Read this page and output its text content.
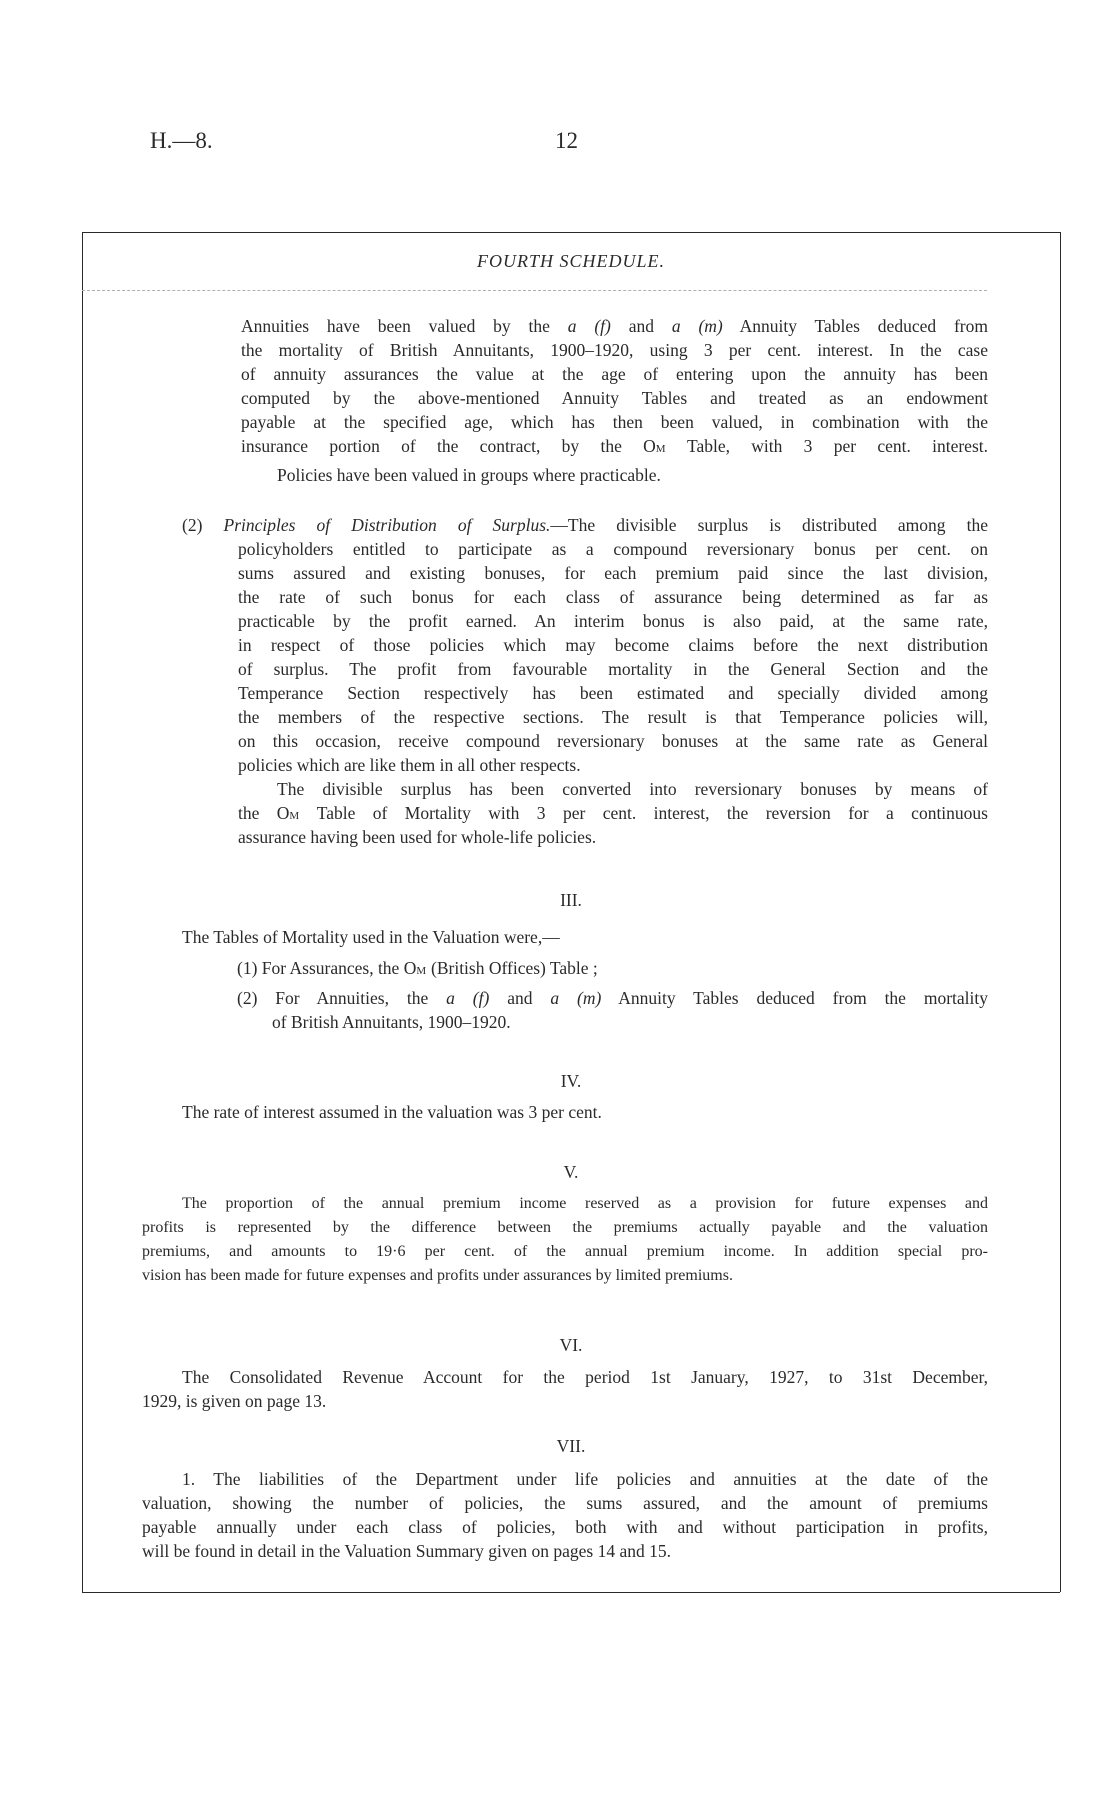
H.—8.	12
FOURTH SCHEDULE.
Annuities have been valued by the a (f) and a (m) Annuity Tables deduced from
the mortality of British Annuitants, 1900–1920, using 3 per cent. interest. In the case
of annuity assurances the value at the age of entering upon the annuity has been
computed by the above-mentioned Annuity Tables and treated as an endowment
payable at the specified age, which has then been valued, in combination with the
insurance portion of the contract, by the OM Table, with 3 per cent. interest.
Policies have been valued in groups where practicable.
(2) Principles of Distribution of Surplus.—The divisible surplus is distributed among the
policyholders entitled to participate as a compound reversionary bonus per cent. on
sums assured and existing bonuses, for each premium paid since the last division,
the rate of such bonus for each class of assurance being determined as far as
practicable by the profit earned. An interim bonus is also paid, at the same rate,
in respect of those policies which may become claims before the next distribution
of surplus. The profit from favourable mortality in the General Section and the
Temperance Section respectively has been estimated and specially divided among
the members of the respective sections. The result is that Temperance policies will,
on this occasion, receive compound reversionary bonuses at the same rate as General
policies which are like them in all other respects.
The divisible surplus has been converted into reversionary bonuses by means of
the OM Table of Mortality with 3 per cent. interest, the reversion for a continuous
assurance having been used for whole-life policies.
III.
The Tables of Mortality used in the Valuation were,—
(1) For Assurances, the OM (British Offices) Table ;
(2) For Annuities, the a (f) and a (m) Annuity Tables deduced from the mortality
of British Annuitants, 1900–1920.
IV.
The rate of interest assumed in the valuation was 3 per cent.
V.
The proportion of the annual premium income reserved as a provision for future expenses and
profits is represented by the difference between the premiums actually payable and the valuation
premiums, and amounts to 19·6 per cent. of the annual premium income. In addition special pro-
vision has been made for future expenses and profits under assurances by limited premiums.
VI.
The Consolidated Revenue Account for the period 1st January, 1927, to 31st December,
1929, is given on page 13.
VII.
1. The liabilities of the Department under life policies and annuities at the date of the
valuation, showing the number of policies, the sums assured, and the amount of premiums
payable annually under each class of policies, both with and without participation in profits,
will be found in detail in the Valuation Summary given on pages 14 and 15.
